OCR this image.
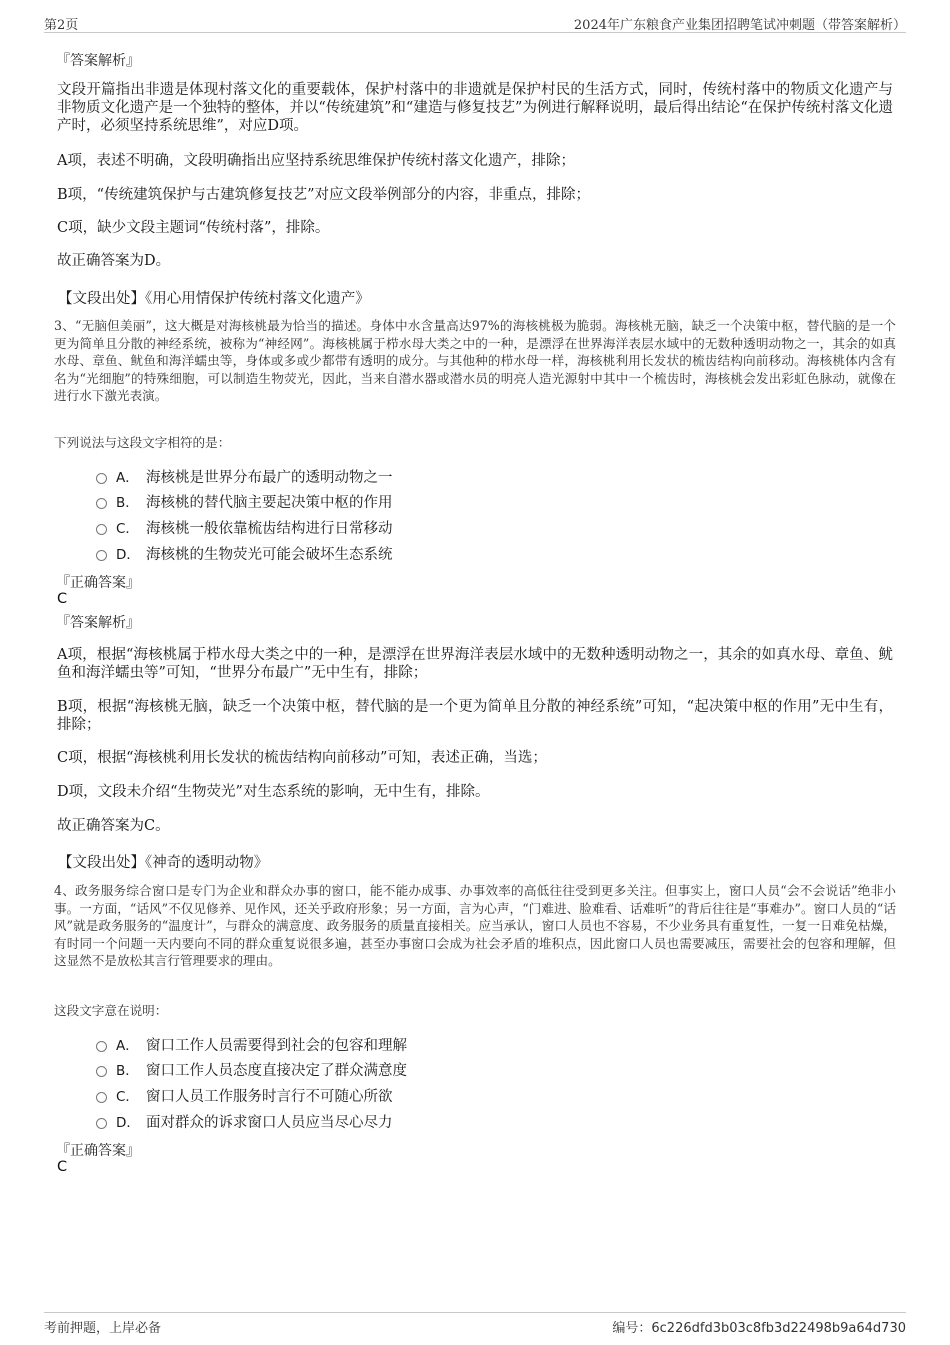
第2页	2024年广东粮食产业集团招聘笔试冲刺题（带答案解析）
『答案解析』
文段开篇指出非遗是体现村落文化的重要载体，保护村落中的非遗就是保护村民的生活方式，同时，传统村落中的物质文化遗产与非物质文化遗产是一个独特的整体，并以“传统建筑”和“建造与修复技艺”为例进行解释说明，最后得出结论“在保护传统村落文化遗产时，必须坚持系统思维”，对应D项。
A项，表述不明确，文段明确指出应坚持系统思维保护传统村落文化遗产，排除；
B项，“传统建筑保护与古建筑修复技艺”对应文段举例部分的内容，非重点，排除；
C项，缺少文段主题词“传统村落”，排除。
故正确答案为D。
【文段出处】《用心用情保护传统村落文化遗产》
3、“无脑但美丽”，这大概是对海核桃最为恰当的描述。身体中水含量高达97%的海核桃极为脆弱。海核桃无脑，缺乏一个决策中枢，替代脑的是一个更为简单且分散的神经系统，被称为“神经网”。海核桃属于栉水母大类之中的一种，是漂浮在世界海洋表层水域中的无数种透明动物之一，其余的如真水母、章鱼、鱿鱼和海洋蠕虫等，身体或多或少都带有透明的成分。与其他种的栉水母一样，海核桃利用长发状的梳齿结构向前移动。海核桃体内含有名为“光细胞”的特殊细胞，可以制造生物荧光，因此，当来自潜水器或潜水员的明亮人造光源射中其中一个梳齿时，海核桃会发出彩虹色脉动，就像在进行水下激光表演。
下列说法与这段文字相符的是：
A． 海核桃是世界分布最广的透明动物之一
B． 海核桃的替代脑主要起决策中枢的作用
C． 海核桃一般依靠梳齿结构进行日常移动
D． 海核桃的生物荧光可能会破坏生态系统
『正确答案』
C
『答案解析』
A项，根据“海核桃属于栉水母大类之中的一种，是漂浮在世界海洋表层水域中的无数种透明动物之一，其余的如真水母、章鱼、鱿鱼和海洋蠕虫等”可知，“世界分布最广”无中生有，排除；
B项，根据“海核桃无脑，缺乏一个决策中枢，替代脑的是一个更为简单且分散的神经系统”可知，“起决策中枢的作用”无中生有，排除；
C项，根据“海核桃利用长发状的梳齿结构向前移动”可知，表述正确，当选；
D项，文段未介绍“生物荧光”对生态系统的影响，无中生有，排除。
故正确答案为C。
【文段出处】《神奇的透明动物》
4、政务服务综合窗口是专门为企业和群众办事的窗口，能不能办成事、办事效率的高低往往受到更多关注。但事实上，窗口人员“会不会说话”绝非小事。一方面，“话风”不仅见修养、见作风，还关乎政府形象；另一方面，言为心声，“门难进、脸难看、话难听”的背后往往是“事难办”。窗口人员的“话风”就是政务服务的“温度计”，与群众的满意度、政务服务的质量直接相关。应当承认，窗口人员也不容易，不少业务具有重复性，一复一日难免枯燥，有时同一个问题一天内要向不同的群众重复说很多遍，甚至办事窗口会成为社会矛盾的堆积点，因此窗口人员也需要减压，需要社会的包容和理解，但这显然不是放松其言行管理要求的理由。
这段文字意在说明：
A． 窗口工作人员需要得到社会的包容和理解
B． 窗口工作人员态度直接决定了群众满意度
C． 窗口人员工作服务时言行不可随心所欲
D． 面对群众的诉求窗口人员应当尽心尽力
『正确答案』
C
考前押题，上岸必备	编号：6c226dfd3b03c8fb3d22498b9a64d730
